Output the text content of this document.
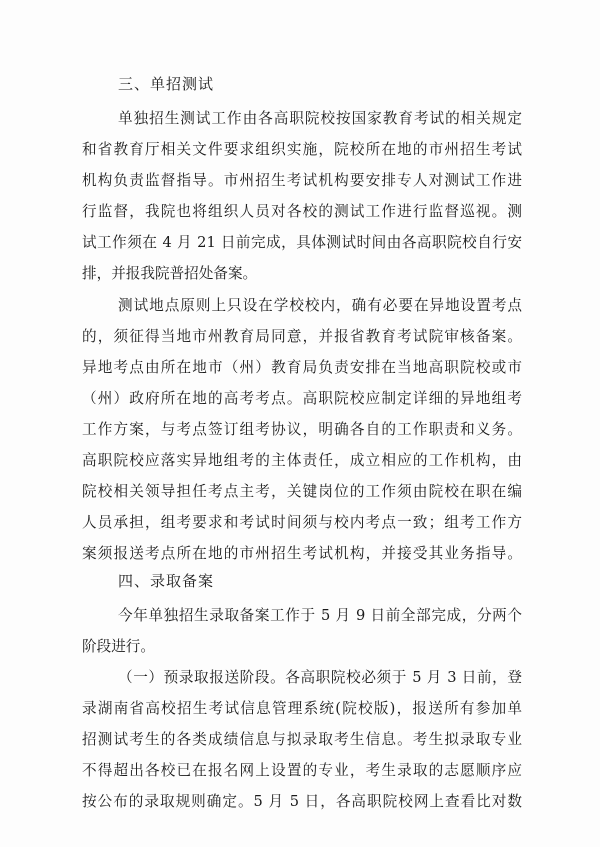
三、单招测试
单独招生测试工作由各高职院校按国家教育考试的相关规定
和省教育厅相关文件要求组织实施，院校所在地的市州招生考试
机构负责监督指导。市州招生考试机构要安排专人对测试工作进
行监督，我院也将组织人员对各校的测试工作进行监督巡视。测
试工作须在 4 月 21 日前完成，具体测试时间由各高职院校自行安
排，并报我院普招处备案。
测试地点原则上只设在学校校内，确有必要在异地设置考点
的，须征得当地市州教育局同意，并报省教育考试院审核备案。
异地考点由所在地市（州）教育局负责安排在当地高职院校或市
（州）政府所在地的高考考点。高职院校应制定详细的异地组考
工作方案，与考点签订组考协议，明确各自的工作职责和义务。
高职院校应落实异地组考的主体责任，成立相应的工作机构，由
院校相关领导担任考点主考，关键岗位的工作须由院校在职在编
人员承担，组考要求和考试时间须与校内考点一致；组考工作方
案须报送考点所在地的市州招生考试机构，并接受其业务指导。
四、录取备案
今年单独招生录取备案工作于 5 月 9 日前全部完成，分两个
阶段进行。
（一）预录取报送阶段。各高职院校必须于 5 月 3 日前，登
录湖南省高校招生考试信息管理系统(院校版)，报送所有参加单
招测试考生的各类成绩信息与拟录取考生信息。考生拟录取专业
不得超出各校已在报名网上设置的专业，考生录取的志愿顺序应
按公布的录取规则确定。5 月 5 日，各高职院校网上查看比对数
